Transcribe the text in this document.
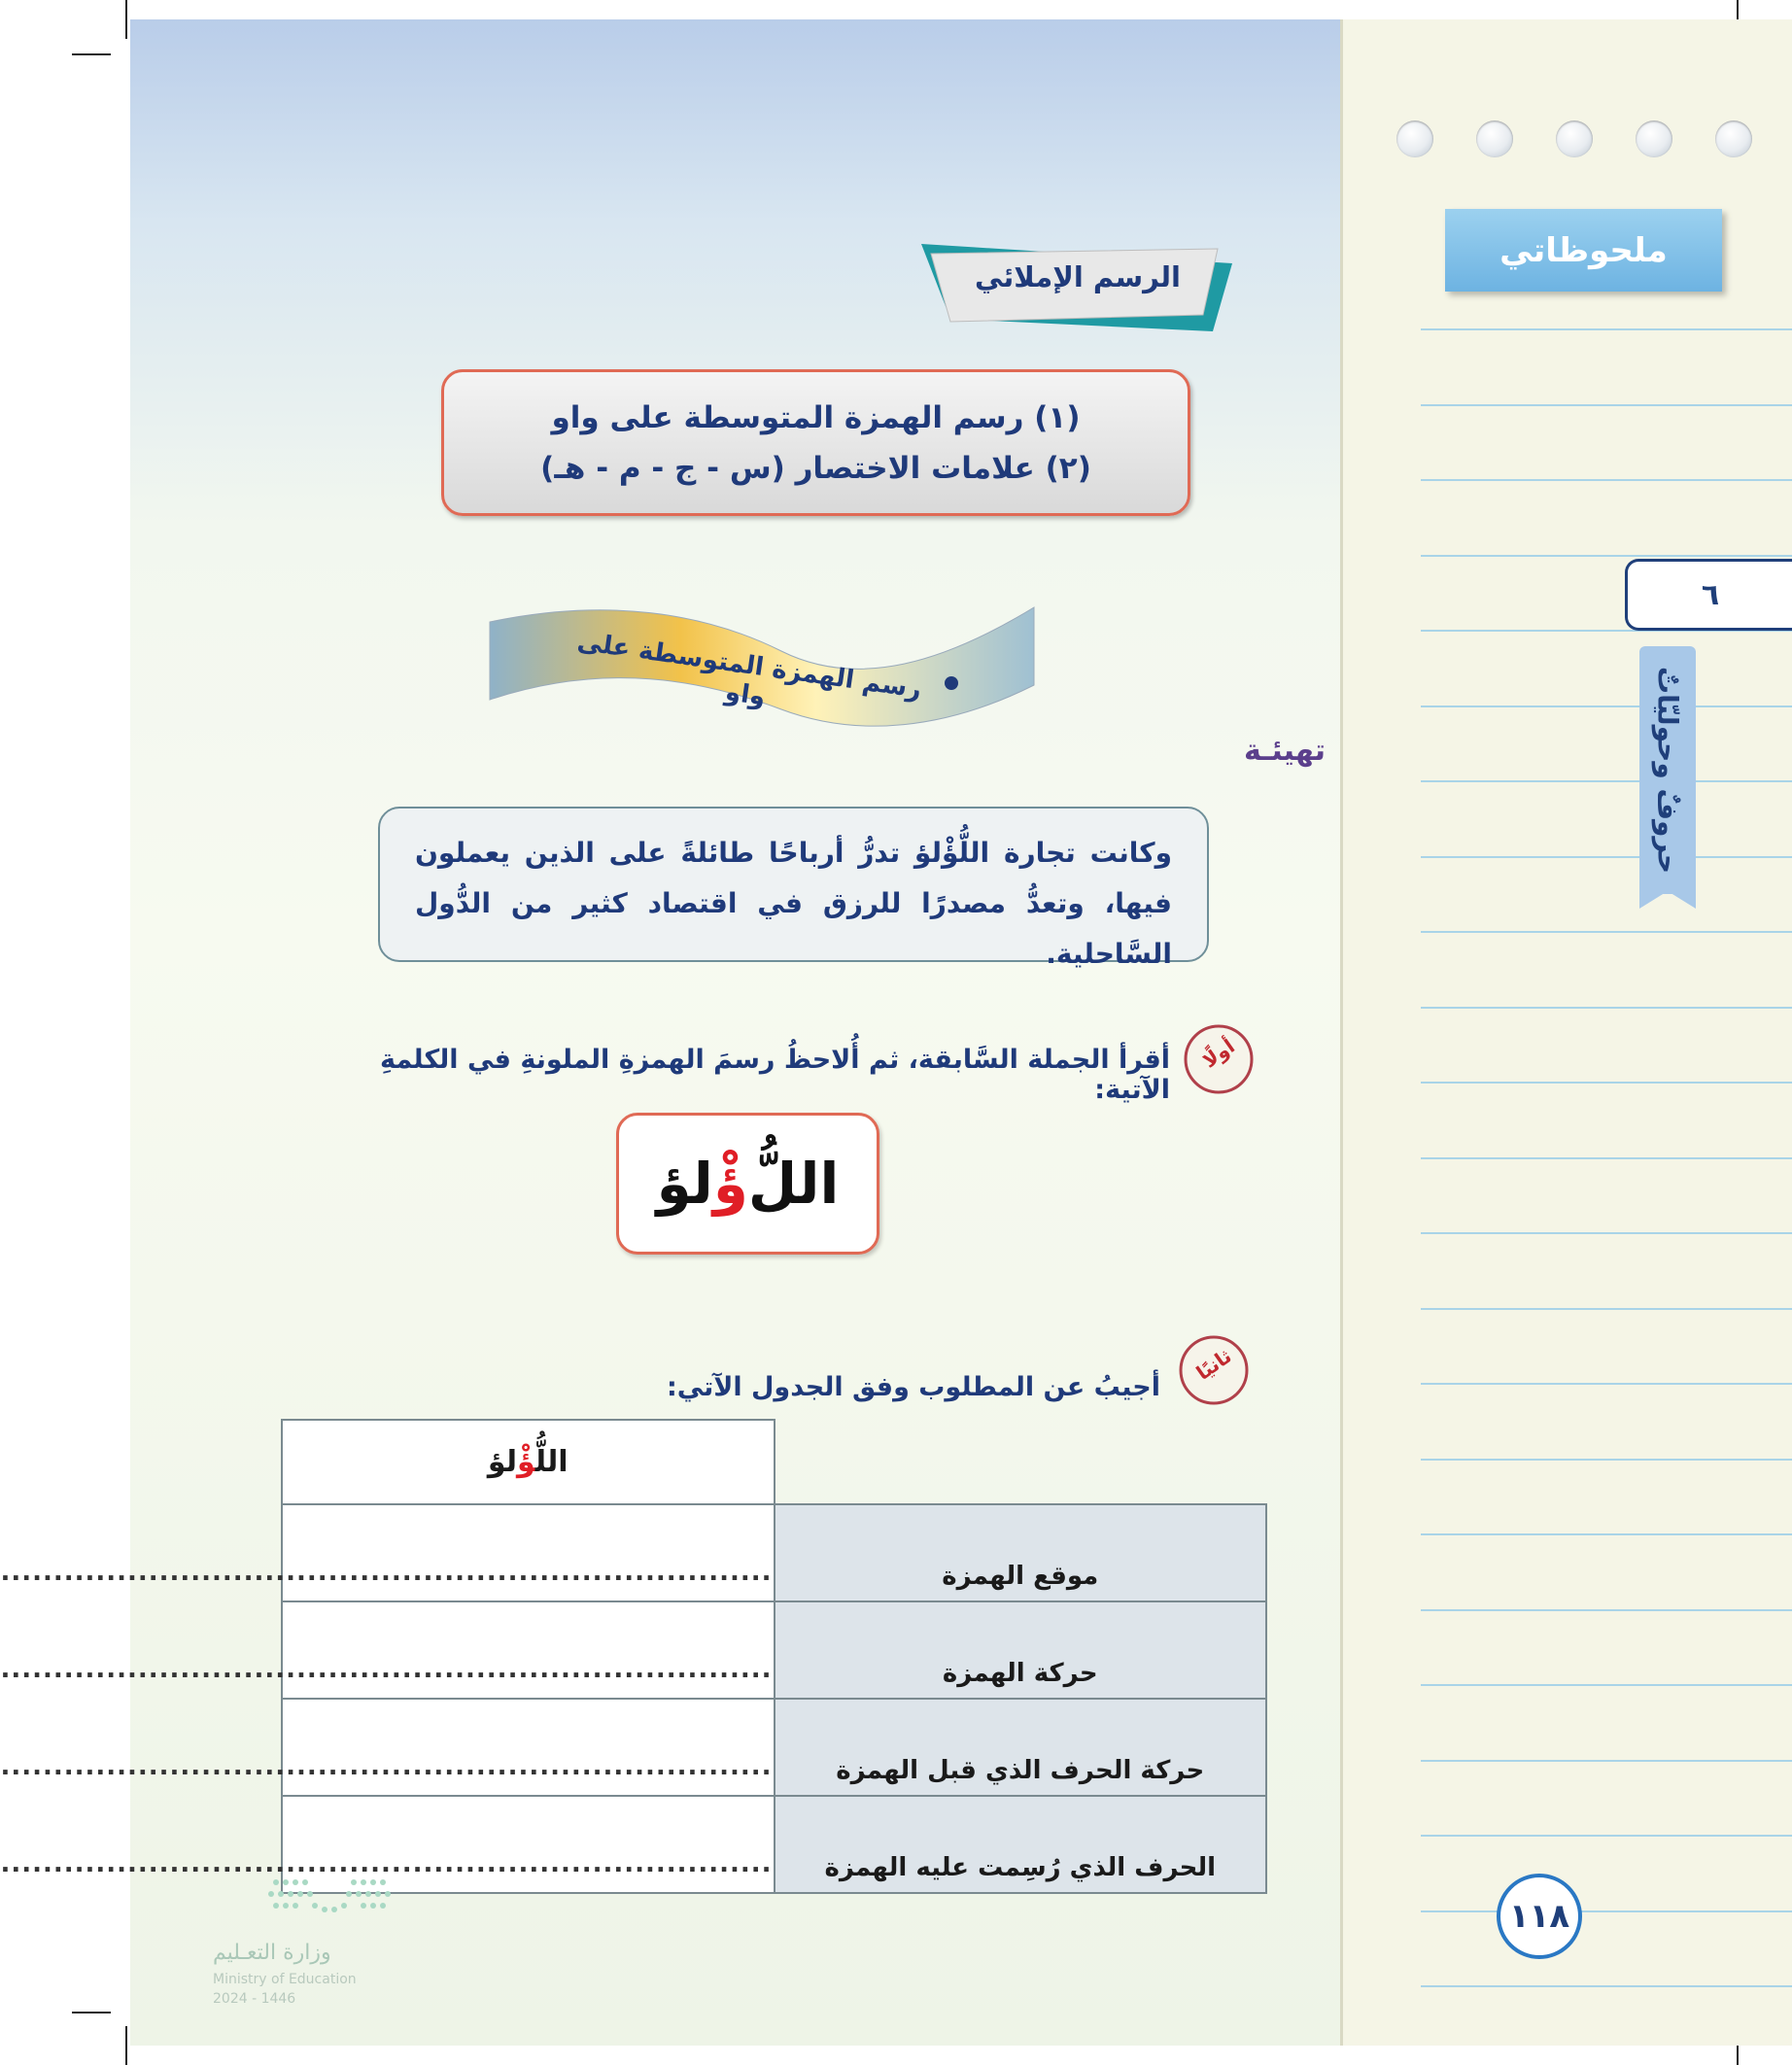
الرسم الإملائي
(١) رسم الهمزة المتوسطة على واو
(٢) علامات الاختصار (س - ج - م - هـ)
رسم الهمزة المتوسطة على واو
تهيئـة
وكانت تجارة اللُّؤْلؤ تدرُّ أرباحًا طائلةً على الذين يعملون فيها، وتعدُّ مصدرًا للرزق في اقتصاد كثير من الدُّول السَّاحلية.
أولًا
أقرأ الجملة السَّابقة، ثم أُلاحظُ رسمَ الهمزةِ الملونةِ في الكلمةِ الآتية:
اللُّ
ؤْ
لؤ
ثانيًا
أجيبُ عن المطلوب وفق الجدول الآتي:
	اللُّؤْلؤ
موقع الهمزة	.........................................................................
حركة الهمزة	.........................................................................
حركة الحرف الذي قبل الهمزة	.........................................................................
الحرف الذي رُسِمت عليه الهمزة	.........................................................................
وزارة التعـليم
Ministry of Education
2024 - 1446
ملحوظاتي
٦
حروفٌ وحوليّاتٌ
١١٨
